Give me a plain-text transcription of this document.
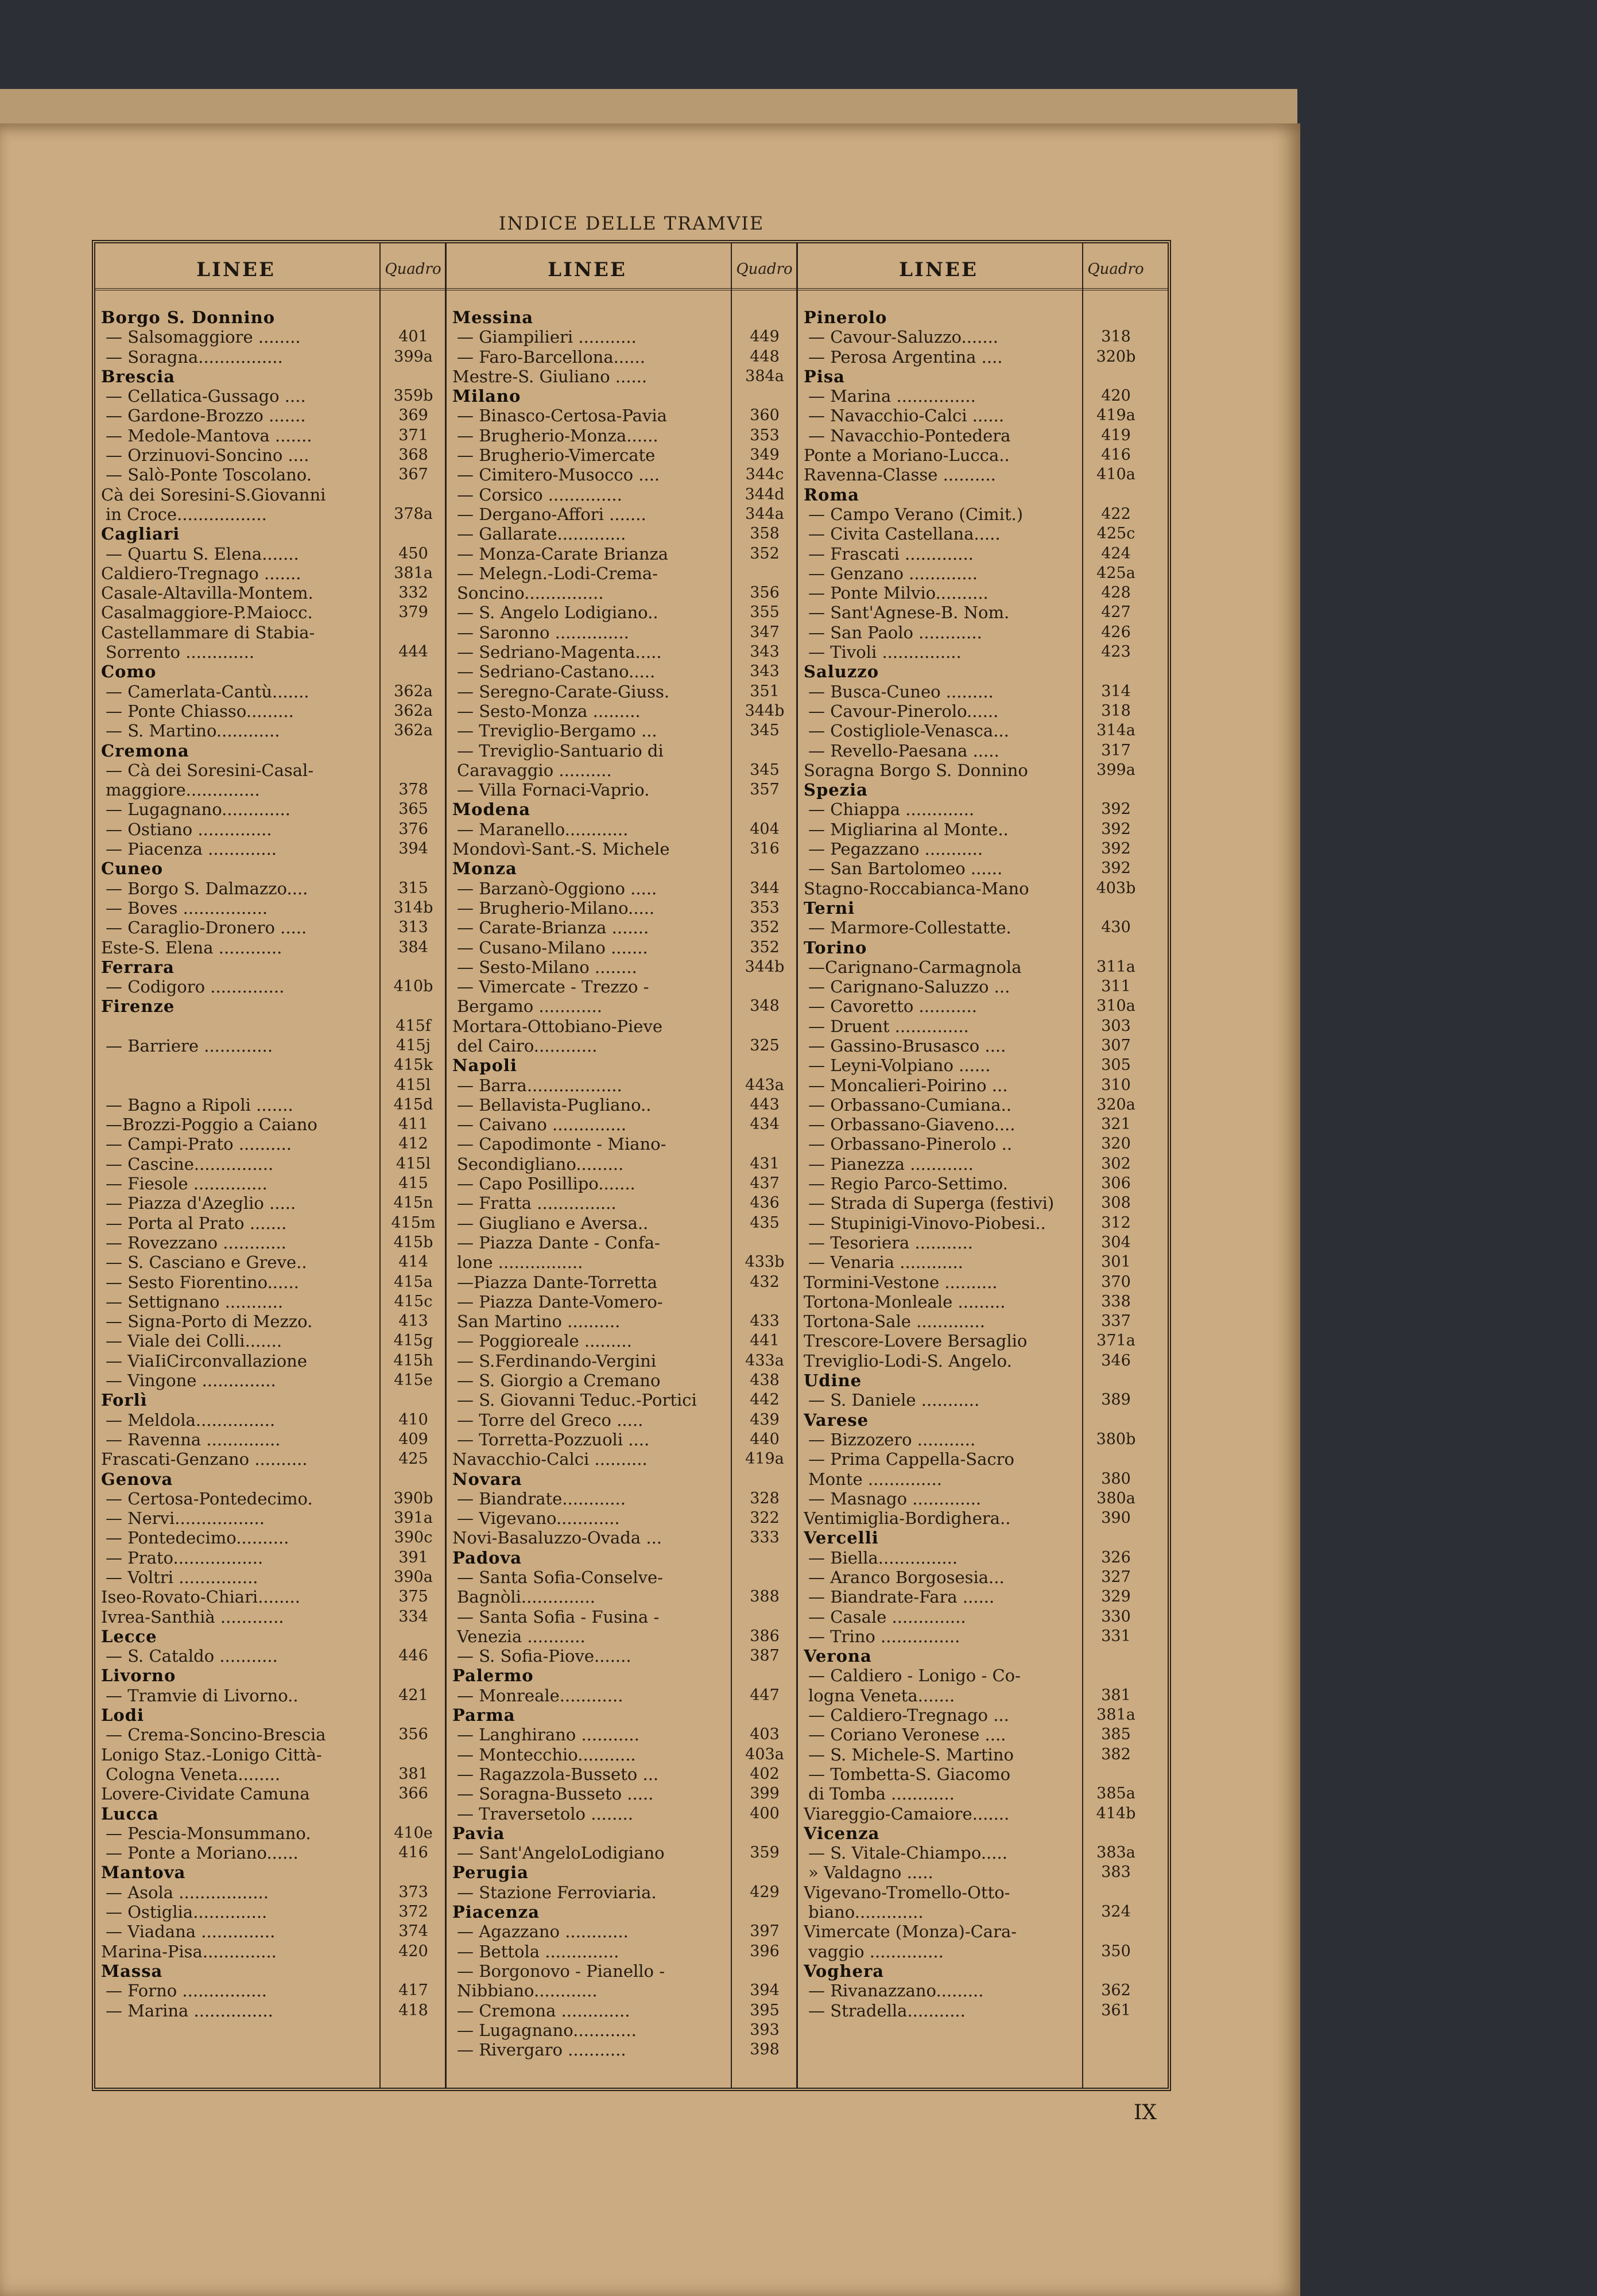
INDICE DELLE TRAMVIE
LINEE	Quadro
Borgo S. Donnino
— Salsomaggiore ........	401
— Soragna................	399a
Brescia
— Cellatica-Gussago ....	359b
— Gardone-Brozzo .......	369
— Medole-Mantova .......	371
— Orzinuovi-Soncino ....	368
— Salò-Ponte Toscolano.	367
Cà dei Soresini-S.Giovanni
in Croce.................	378a
Cagliari
— Quartu S. Elena.......	450
Caldiero-Tregnago .......	381a
Casale-Altavilla-Montem.	332
Casalmaggiore-P.Maiocc.	379
Castellammare di Stabia-
Sorrento .............	444
Como
— Camerlata-Cantù.......	362a
— Ponte Chiasso.........	362a
— S. Martino............	362a
Cremona
— Cà dei Soresini-Casal-
maggiore..............	378
— Lugagnano.............	365
— Ostiano ..............	376
— Piacenza .............	394
Cuneo
— Borgo S. Dalmazzo....	315
— Boves ................	314b
— Caraglio-Dronero .....	313
Este-S. Elena ............	384
Ferrara
— Codigoro ..............	410b
Firenze
415f
— Barriere .............	415j
415k
415l
— Bagno a Ripoli .......	415d
—Brozzi-Poggio a Caiano	411
— Campi-Prato ..........	412
— Cascine...............	415l
— Fiesole ..............	415
— Piazza d'Azeglio .....	415n
— Porta al Prato .......	415m
— Rovezzano ............	415b
— S. Casciano e Greve..	414
— Sesto Fiorentino......	415a
— Settignano ...........	415c
— Signa-Porto di Mezzo.	413
— Viale dei Colli.......	415g
— ViaIiCirconvallazione	415h
— Vingone ..............	415e
Forlì
— Meldola...............	410
— Ravenna ..............	409
Frascati-Genzano ..........	425
Genova
— Certosa-Pontedecimo.	390b
— Nervi.................	391a
— Pontedecimo..........	390c
— Prato.................	391
— Voltri ...............	390a
Iseo-Rovato-Chiari........	375
Ivrea-Santhià ............	334
Lecce
— S. Cataldo ...........	446
Livorno
— Tramvie di Livorno..	421
Lodi
— Crema-Soncino-Brescia	356
Lonigo Staz.-Lonigo Città-
Cologna Veneta........	381
Lovere-Cividate Camuna	366
Lucca
— Pescia-Monsummano.	410e
— Ponte a Moriano......	416
Mantova
— Asola .................	373
— Ostiglia..............	372
— Viadana ..............	374
Marina-Pisa..............	420
Massa
— Forno ................	417
— Marina ...............	418
LINEE	Quadro
Messina
— Giampilieri ...........	449
— Faro-Barcellona......	448
Mestre-S. Giuliano ......	384a
Milano
— Binasco-Certosa-Pavia	360
— Brugherio-Monza......	353
— Brugherio-Vimercate	349
— Cimitero-Musocco ....	344c
— Corsico ..............	344d
— Dergano-Affori .......	344a
— Gallarate.............	358
— Monza-Carate Brianza	352
— Melegn.-Lodi-Crema-
Soncino...............	356
— S. Angelo Lodigiano..	355
— Saronno ..............	347
— Sedriano-Magenta.....	343
— Sedriano-Castano.....	343
— Seregno-Carate-Giuss.	351
— Sesto-Monza .........	344b
— Treviglio-Bergamo ...	345
— Treviglio-Santuario di
Caravaggio ..........	345
— Villa Fornaci-Vaprio.	357
Modena
— Maranello............	404
Mondovì-Sant.-S. Michele	316
Monza
— Barzanò-Oggiono .....	344
— Brugherio-Milano.....	353
— Carate-Brianza .......	352
— Cusano-Milano .......	352
— Sesto-Milano ........	344b
— Vimercate - Trezzo -
Bergamo ............	348
Mortara-Ottobiano-Pieve
del Cairo............	325
Napoli
— Barra..................	443a
— Bellavista-Pugliano..	443
— Caivano ..............	434
— Capodimonte - Miano-
Secondigliano.........	431
— Capo Posillipo.......	437
— Fratta ...............	436
— Giugliano e Aversa..	435
— Piazza Dante - Confa-
lone ................	433b
—Piazza Dante-Torretta	432
— Piazza Dante-Vomero-
San Martino ..........	433
— Poggioreale .........	441
— S.Ferdinando-Vergini	433a
— S. Giorgio a Cremano	438
— S. Giovanni Teduc.-Portici	442
— Torre del Greco .....	439
— Torretta-Pozzuoli ....	440
Navacchio-Calci ..........	419a
Novara
— Biandrate............	328
— Vigevano............	322
Novi-Basaluzzo-Ovada ...	333
Padova
— Santa Sofia-Conselve-
Bagnòli..............	388
— Santa Sofia - Fusina -
Venezia ...........	386
— S. Sofia-Piove.......	387
Palermo
— Monreale............	447
Parma
— Langhirano ...........	403
— Montecchio...........	403a
— Ragazzola-Busseto ...	402
— Soragna-Busseto .....	399
— Traversetolo ........	400
Pavia
— Sant'AngeloLodigiano	359
Perugia
— Stazione Ferroviaria.	429
Piacenza
— Agazzano ............	397
— Bettola ..............	396
— Borgonovo - Pianello -
Nibbiano............	394
— Cremona .............	395
— Lugagnano............	393
— Rivergaro ...........	398
LINEE	Quadro
Pinerolo
— Cavour-Saluzzo.......	318
— Perosa Argentina ....	320b
Pisa
— Marina ...............	420
— Navacchio-Calci ......	419a
— Navacchio-Pontedera	419
Ponte a Moriano-Lucca..	416
Ravenna-Classe ..........	410a
Roma
— Campo Verano (Cimit.)	422
— Civita Castellana.....	425c
— Frascati .............	424
— Genzano .............	425a
— Ponte Milvio..........	428
— Sant'Agnese-B. Nom.	427
— San Paolo ............	426
— Tivoli ...............	423
Saluzzo
— Busca-Cuneo .........	314
— Cavour-Pinerolo......	318
— Costigliole-Venasca...	314a
— Revello-Paesana .....	317
Soragna Borgo S. Donnino	399a
Spezia
— Chiappa .............	392
— Migliarina al Monte..	392
— Pegazzano ...........	392
— San Bartolomeo ......	392
Stagno-Roccabianca-Mano	403b
Terni
— Marmore-Collestatte.	430
Torino
—Carignano-Carmagnola	311a
— Carignano-Saluzzo ...	311
— Cavoretto ...........	310a
— Druent ..............	303
— Gassino-Brusasco ....	307
— Leyni-Volpiano ......	305
— Moncalieri-Poirino ...	310
— Orbassano-Cumiana..	320a
— Orbassano-Giaveno....	321
— Orbassano-Pinerolo ..	320
— Pianezza ............	302
— Regio Parco-Settimo.	306
— Strada di Superga (festivi)	308
— Stupinigi-Vinovo-Piobesi..	312
— Tesoriera ...........	304
— Venaria ............	301
Tormini-Vestone ..........	370
Tortona-Monleale .........	338
Tortona-Sale .............	337
Trescore-Lovere Bersaglio	371a
Treviglio-Lodi-S. Angelo.	346
Udine
— S. Daniele ...........	389
Varese
— Bizzozero ...........	380b
— Prima Cappella-Sacro
Monte ..............	380
— Masnago .............	380a
Ventimiglia-Bordighera..	390
Vercelli
— Biella...............	326
— Aranco Borgosesia...	327
— Biandrate-Fara ......	329
— Casale ..............	330
— Trino ...............	331
Verona
— Caldiero - Lonigo - Co-
logna Veneta.......	381
— Caldiero-Tregnago ...	381a
— Coriano Veronese ....	385
— S. Michele-S. Martino	382
— Tombetta-S. Giacomo
di Tomba ............	385a
Viareggio-Camaiore.......	414b
Vicenza
— S. Vitale-Chiampo.....	383a
» Valdagno .....	383
Vigevano-Tromello-Otto-
biano.............	324
Vimercate (Monza)-Cara-
vaggio ..............	350
Voghera
— Rivanazzano.........	362
— Stradella...........	361
IX
